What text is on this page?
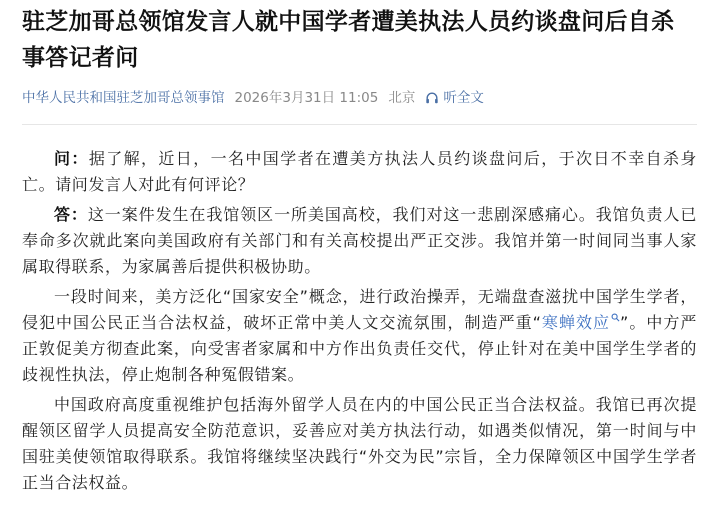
驻芝加哥总领馆发言人就中国学者遭美执法人员约谈盘问后自杀事答记者问
中华人民共和国驻芝加哥总领事馆 2026年3月31日 11:05 北京 听全文

问：据了解，近日，一名中国学者在遭美方执法人员约谈盘问后，于次日不幸自杀身亡。请问发言人对此有何评论？

答：这一案件发生在我馆领区一所美国高校，我们对这一悲剧深感痛心。我馆负责人已奉命多次就此案向美国政府有关部门和有关高校提出严正交涉。我馆并第一时间同当事人家属取得联系，为家属善后提供积极协助。

一段时间来，美方泛化“国家安全”概念，进行政治操弄，无端盘查滋扰中国学生学者，侵犯中国公民正当合法权益，破坏正常中美人文交流氛围，制造严重“寒蝉效应 ”。中方严正敦促美方彻查此案，向受害者家属和中方作出负责任交代，停止针对在美中国学生学者的歧视性执法，停止炮制各种冤假错案。

中国政府高度重视维护包括海外留学人员在内的中国公民正当合法权益。我馆已再次提醒领区留学人员提高安全防范意识，妥善应对美方执法行动，如遇类似情况，第一时间与中国驻美使领馆取得联系。我馆将继续坚决践行“外交为民”宗旨，全力保障领区中国学生学者正当合法权益。
